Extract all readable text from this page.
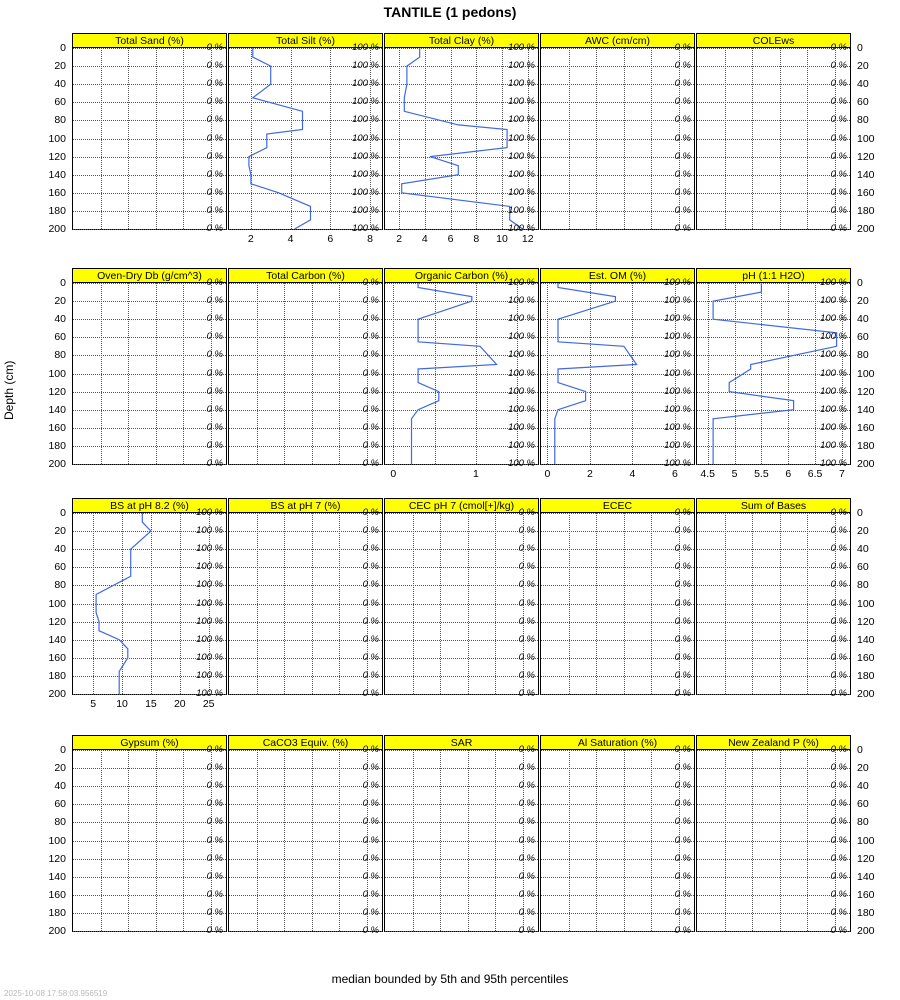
TANTILE (1 pedons)
Depth (cm)
Total Sand (%)
0 %
0 %
0 %
0 %
0 %
0 %
0 %
0 %
0 %
0 %
0 %
Total Silt (%)
100 %
100 %
100 %
100 %
100 %
100 %
100 %
100 %
100 %
100 %
100 %
2	4	6	8
Total Clay (%)
100 %
100 %
100 %
100 %
100 %
100 %
100 %
100 %
100 %
100 %
100 %
2	4	6	8	10	12
AWC (cm/cm)
0 %
0 %
0 %
0 %
0 %
0 %
0 %
0 %
0 %
0 %
0 %
COLEws
0 %
0 %
0 %
0 %
0 %
0 %
0 %
0 %
0 %
0 %
0 %
0
20
40
60
80
100
120
140
160
180
200
0
20
40
60
80
100
120
140
160
180
200
Oven-Dry Db (g/cm^3)
0 %
0 %
0 %
0 %
0 %
0 %
0 %
0 %
0 %
0 %
0 %
Total Carbon (%)
0 %
0 %
0 %
0 %
0 %
0 %
0 %
0 %
0 %
0 %
0 %
Organic Carbon (%)
100 %
100 %
100 %
100 %
100 %
100 %
100 %
100 %
100 %
100 %
100 %
0	1
Est. OM (%)
100 %
100 %
100 %
100 %
100 %
100 %
100 %
100 %
100 %
100 %
100 %
0	2	4	6
pH (1:1 H2O)
100 %
100 %
100 %
100 %
100 %
100 %
100 %
100 %
100 %
100 %
100 %
4.5	5	5.5	6	6.5	7
0
20
40
60
80
100
120
140
160
180
200
0
20
40
60
80
100
120
140
160
180
200
BS at pH 8.2 (%)
100 %
100 %
100 %
100 %
100 %
100 %
100 %
100 %
100 %
100 %
100 %
5	10	15	20	25
BS at pH 7 (%)
0 %
0 %
0 %
0 %
0 %
0 %
0 %
0 %
0 %
0 %
0 %
CEC pH 7 (cmol[+]/kg)
0 %
0 %
0 %
0 %
0 %
0 %
0 %
0 %
0 %
0 %
0 %
ECEC
0 %
0 %
0 %
0 %
0 %
0 %
0 %
0 %
0 %
0 %
0 %
Sum of Bases
0 %
0 %
0 %
0 %
0 %
0 %
0 %
0 %
0 %
0 %
0 %
0
20
40
60
80
100
120
140
160
180
200
0
20
40
60
80
100
120
140
160
180
200
Gypsum (%)
0 %
0 %
0 %
0 %
0 %
0 %
0 %
0 %
0 %
0 %
0 %
CaCO3 Equiv. (%)
0 %
0 %
0 %
0 %
0 %
0 %
0 %
0 %
0 %
0 %
0 %
SAR
0 %
0 %
0 %
0 %
0 %
0 %
0 %
0 %
0 %
0 %
0 %
Al Saturation (%)
0 %
0 %
0 %
0 %
0 %
0 %
0 %
0 %
0 %
0 %
0 %
New Zealand P (%)
0 %
0 %
0 %
0 %
0 %
0 %
0 %
0 %
0 %
0 %
0 %
0
20
40
60
80
100
120
140
160
180
200
0
20
40
60
80
100
120
140
160
180
200
median bounded by 5th and 95th percentiles
2025-10-08 17:58:03.956519
